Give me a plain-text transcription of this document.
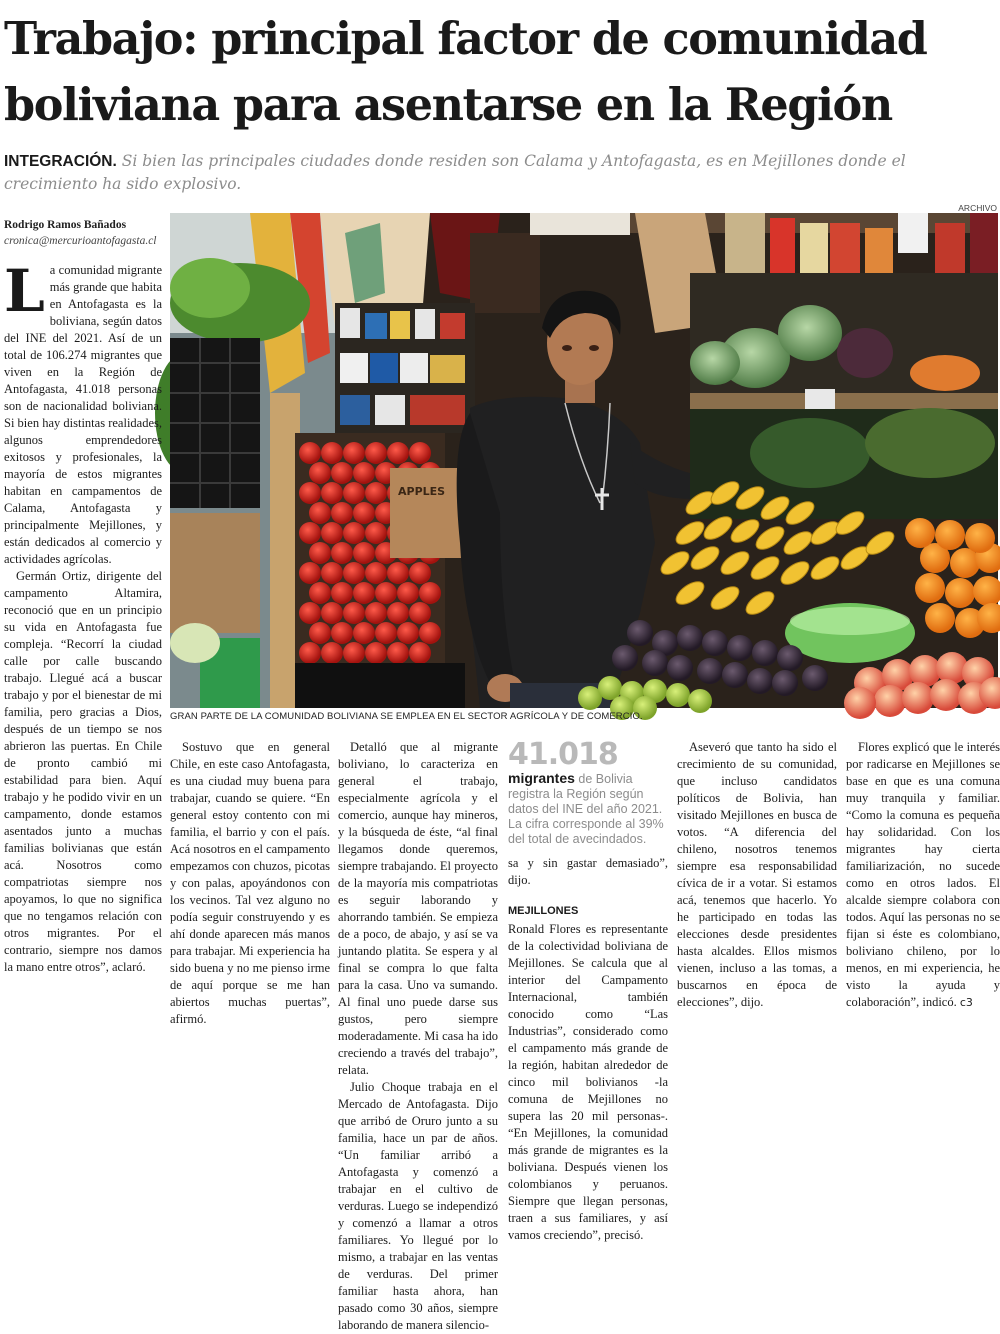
Trabajo: principal factor de comunidad boliviana para asentarse en la Región
INTEGRACIÓN. Si bien las principales ciudades donde residen son Calama y Antofagasta, es en Mejillones donde el crecimiento ha sido explosivo.
Rodrigo Ramos Bañados
cronica@mercurioantofagasta.cl
ARCHIVO
APPLES
GRAN PARTE DE LA COMUNIDAD BOLIVIANA SE EMPLEA EN EL SECTOR AGRÍCOLA Y DE COMERCIO.

La comunidad migrante más grande que habita en Antofagasta es la boliviana, según datos del INE del 2021. Así de un total de 106.274 migrantes que viven en la Región de Antofagasta, 41.018 personas son de nacionalidad boliviana. Si bien hay distintas realidades, algunos emprendedores exitosos y profesionales, la mayoría de estos migrantes habitan en campamentos de Calama, Antofagasta y principalmente Mejillones, y están dedicados al comercio y actividades agrícolas.

Germán Ortiz, dirigente del campamento Altamira, reconoció que en un principio su vida en Antofagasta fue compleja. “Recorrí la ciudad calle por calle buscando trabajo. Llegué acá a buscar trabajo y por el bienestar de mi familia, pero gracias a Dios, después de un tiempo se nos abrieron las puertas. En Chile de pronto cambió mi estabilidad para bien. Aquí trabajo y he podido vivir en un campamento, donde estamos asentados junto a muchas familias bolivianas que están acá. Nosotros como compatriotas siempre nos apoyamos, lo que no significa que no tengamos relación con otros migrantes. Por el contrario, siempre nos damos la mano entre otros”, aclaró.

Sostuvo que en general Chile, en este caso Antofagasta, es una ciudad muy buena para trabajar, cuando se quiere. “En general estoy contento con mi familia, el barrio y con el país. Acá nosotros en el campamento empezamos con chuzos, picotas y con palas, apoyándonos con los vecinos. Tal vez alguno no podía seguir construyendo y es ahí donde aparecen más manos para trabajar. Mi experiencia ha sido buena y no me pienso irme de aquí porque se me han abiertos muchas puertas”, afirmó.

Detalló que al migrante boliviano, lo caracteriza en general el trabajo, especialmente agrícola y el comercio, aunque hay mineros, y la búsqueda de éste, “al final llegamos donde queremos, siempre trabajando. El proyecto de la mayoría mis compatriotas es seguir laborando y ahorrando también. Se empieza de a poco, de abajo, y así se va juntando platita. Se espera y al final se compra lo que falta para la casa. Uno va sumando. Al final uno puede darse sus gustos, pero siempre moderadamente. Mi casa ha ido creciendo a través del trabajo”, relata.

Julio Choque trabaja en el Mercado de Antofagasta. Dijo que arribó de Oruro junto a su familia, hace un par de años. “Un familiar arribó a Antofagasta y comenzó a trabajar en el cultivo de verduras. Luego se independizó y comenzó a llamar a otros familiares. Yo llegué por lo mismo, a trabajar en las ventas de verduras. Del primer familiar hasta ahora, han pasado como 30 años, siempre laborando de manera silencio-

41.018
migrantes de Bolivia registra la Región según datos del INE del año 2021. La cifra corresponde al 39% del total de avecindados.

sa y sin gastar demasiado”, dijo.

MEJILLONES

Ronald Flores es representante de la colectividad boliviana de Mejillones. Se calcula que al interior del Campamento Internacional, también conocido como “Las Industrias”, considerado como el campamento más grande de la región, habitan alrededor de cinco mil bolivianos -la comuna de Mejillones no supera las 20 mil personas-. “En Mejillones, la comunidad más grande de migrantes es la boliviana. Después vienen los colombianos y peruanos. Siempre que llegan personas, traen a sus familiares, y así vamos creciendo”, precisó.

Aseveró que tanto ha sido el crecimiento de su comunidad, que incluso candidatos políticos de Bolivia, han visitado Mejillones en busca de votos. “A diferencia del chileno, nosotros tenemos siempre esa responsabilidad cívica de ir a votar. Si estamos acá, tenemos que hacerlo. Yo he participado en todas las elecciones desde presidentes hasta alcaldes. Ellos mismos vienen, incluso a las tomas, a buscarnos en época de elecciones”, dijo.

Flores explicó que le interés por radicarse en Mejillones se base en que es una comuna muy tranquila y familiar. “Como la comuna es pequeña hay solidaridad. Con los migrantes hay cierta familiarización, no sucede como en otros lados. El alcalde siempre colabora con todos. Aquí las personas no se fijan si éste es colombiano, boliviano chileno, por lo menos, en mi experiencia, he visto la ayuda y colaboración”, indicó. ᴄ3
